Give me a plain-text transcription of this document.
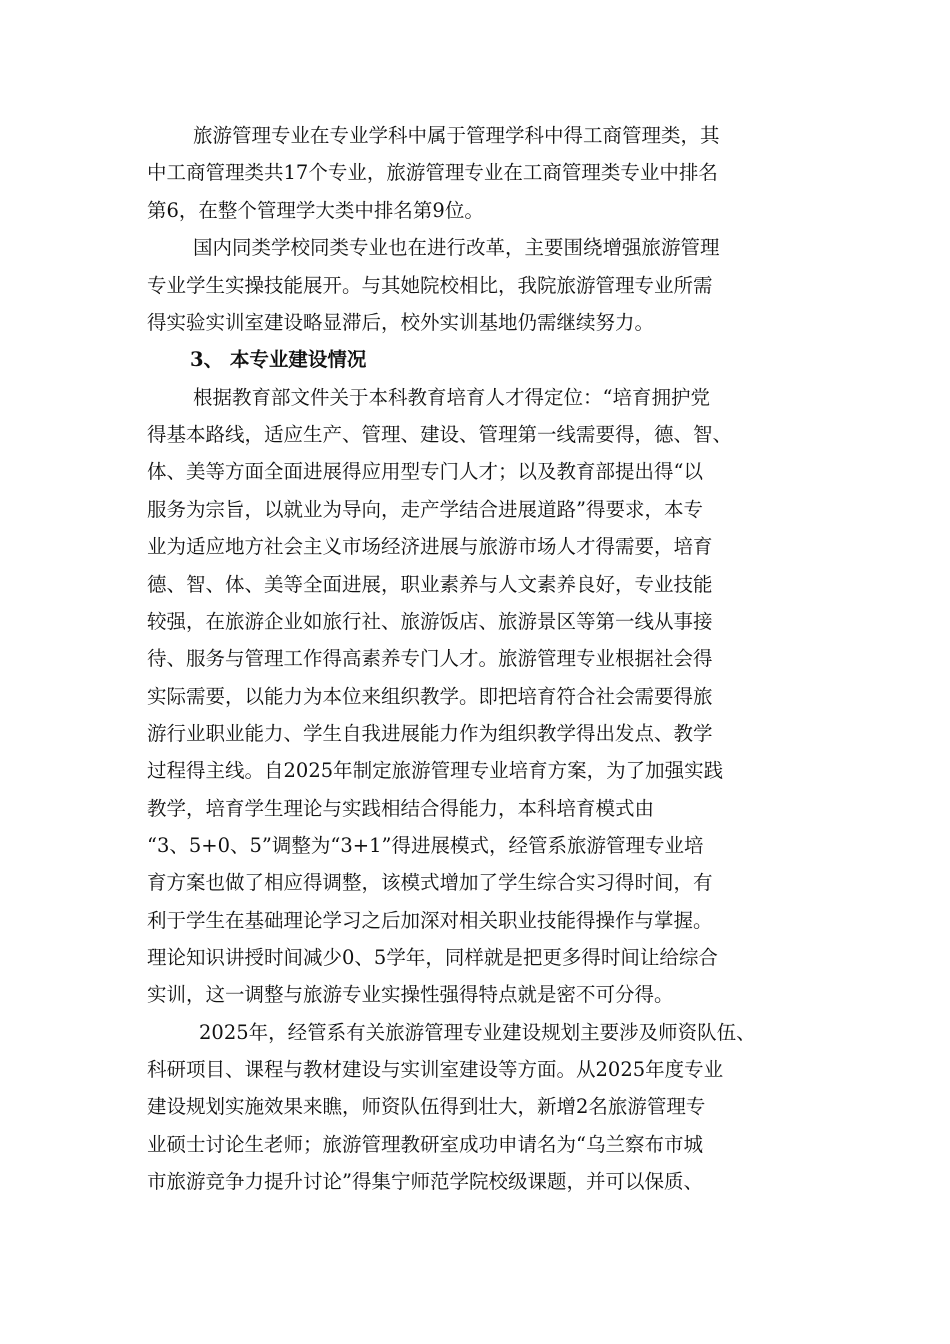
旅游管理专业在专业学科中属于管理学科中得工商管理类，其
中工商管理类共17个专业，旅游管理专业在工商管理类专业中排名
第6，在整个管理学大类中排名第9位。
国内同类学校同类专业也在进行改革，主要围绕增强旅游管理
专业学生实操技能展开。与其她院校相比，我院旅游管理专业所需
得实验实训室建设略显滞后，校外实训基地仍需继续努力。
3、 本专业建设情况
根据教育部文件关于本科教育培育人才得定位：“培育拥护党
得基本路线，适应生产、管理、建设、管理第一线需要得，德、智、
体、美等方面全面进展得应用型专门人才；以及教育部提出得“以
服务为宗旨，以就业为导向，走产学结合进展道路”得要求，本专
业为适应地方社会主义市场经济进展与旅游市场人才得需要，培育
德、智、体、美等全面进展，职业素养与人文素养良好，专业技能
较强，在旅游企业如旅行社、旅游饭店、旅游景区等第一线从事接
待、服务与管理工作得高素养专门人才。旅游管理专业根据社会得
实际需要，以能力为本位来组织教学。即把培育符合社会需要得旅
游行业职业能力、学生自我进展能力作为组织教学得出发点、教学
过程得主线。自2025年制定旅游管理专业培育方案，为了加强实践
教学，培育学生理论与实践相结合得能力，本科培育模式由
“3、5+0、5”调整为“3+1”得进展模式，经管系旅游管理专业培
育方案也做了相应得调整，该模式增加了学生综合实习得时间，有
利于学生在基础理论学习之后加深对相关职业技能得操作与掌握。
理论知识讲授时间减少0、5学年，同样就是把更多得时间让给综合
实训，这一调整与旅游专业实操性强得特点就是密不可分得。
2025年，经管系有关旅游管理专业建设规划主要涉及师资队伍、
科研项目、课程与教材建设与实训室建设等方面。从2025年度专业
建设规划实施效果来瞧，师资队伍得到壮大，新增2名旅游管理专
业硕士讨论生老师；旅游管理教研室成功申请名为“乌兰察布市城
市旅游竞争力提升讨论”得集宁师范学院校级课题，并可以保质、
